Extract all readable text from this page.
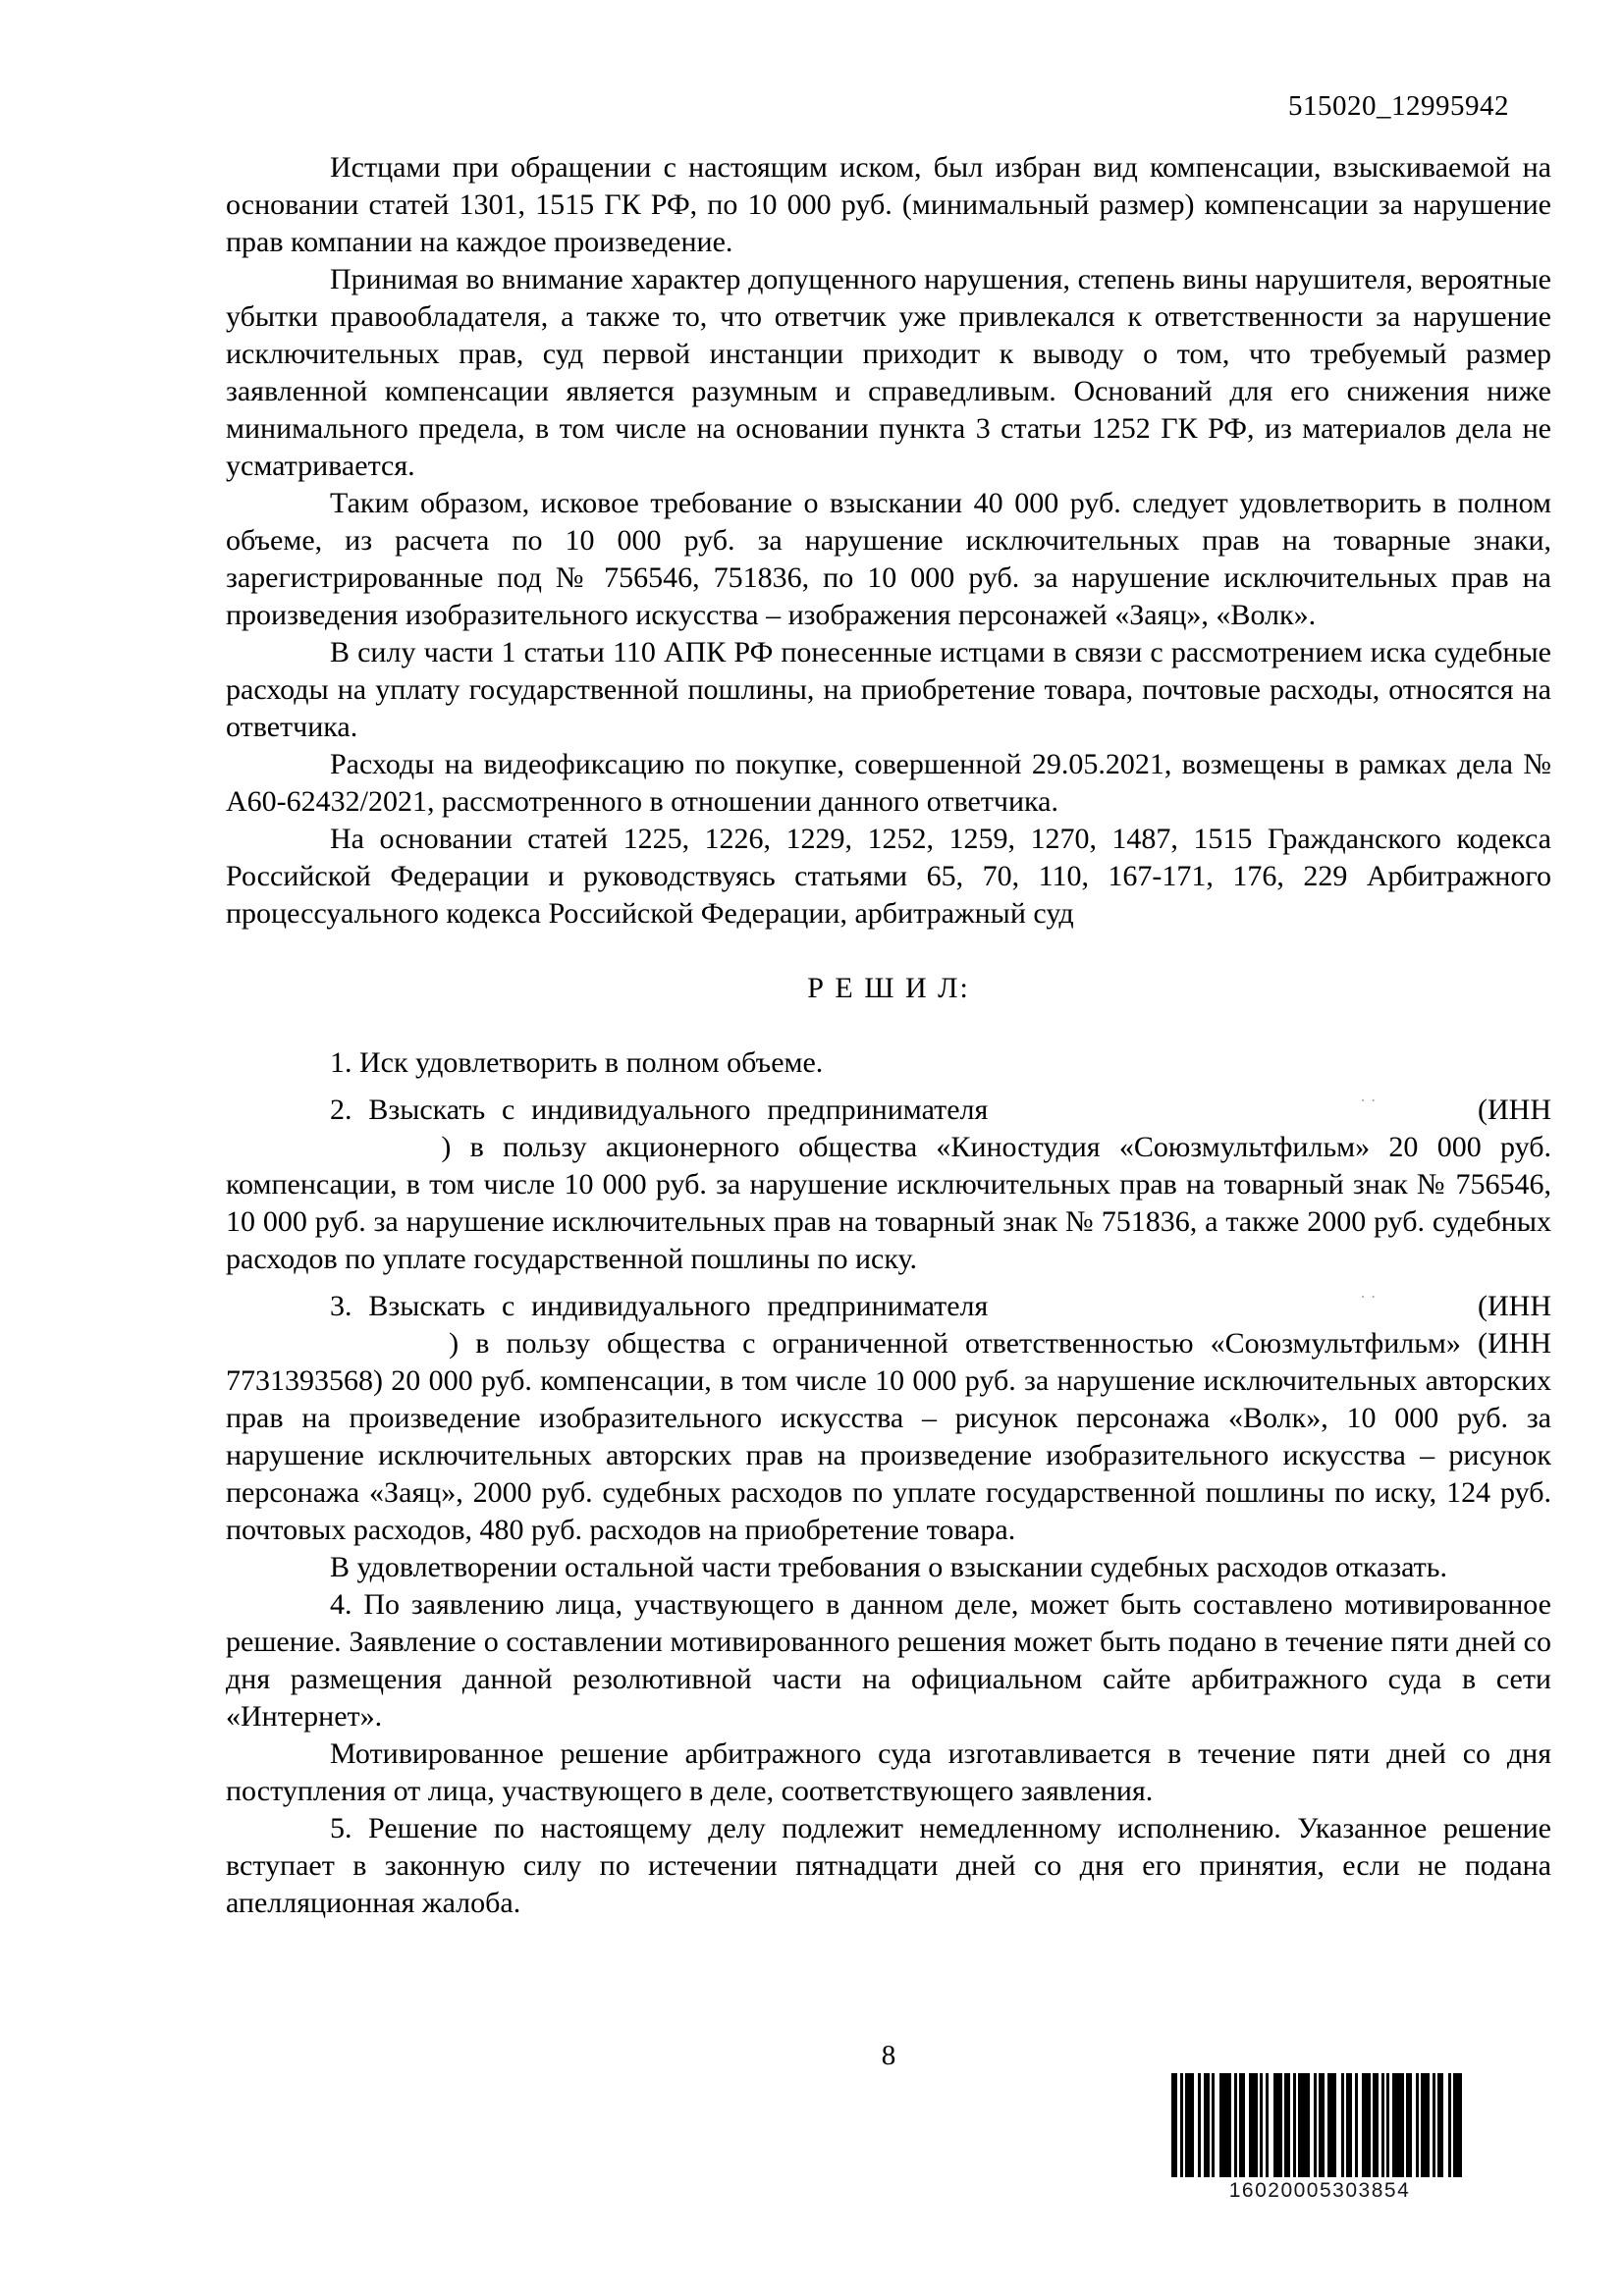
515020_12995942

Истцами при обращении с настоящим иском, был избран вид компенсации, взыскиваемой на основании статей 1301, 1515 ГК РФ, по 10 000 руб. (минимальный размер) компенсации за нарушение прав компании на каждое произведение.

Принимая во внимание характер допущенного нарушения, степень вины нарушителя, вероятные убытки правообладателя, а также то, что ответчик уже привлекался к ответственности за нарушение исключительных прав, суд первой инстанции приходит к выводу о том, что требуемый размер заявленной компенсации является разумным и справедливым. Оснований для его снижения ниже минимального предела, в том числе на основании пункта 3 статьи 1252 ГК РФ, из материалов дела не усматривается.

Таким образом, исковое требование о взыскании 40 000 руб. следует удовлетворить в полном объеме, из расчета по 10 000 руб. за нарушение исключительных прав на товарные знаки, зарегистрированные под № 756546, 751836, по 10 000 руб. за нарушение исключительных прав на произведения изобразительного искусства – изображения персонажей «Заяц», «Волк».

В силу части 1 статьи 110 АПК РФ понесенные истцами в связи с рассмотрением иска судебные расходы на уплату государственной пошлины, на приобретение товара, почтовые расходы, относятся на ответчика.

Расходы на видеофиксацию по покупке, совершенной 29.05.2021, возмещены в рамках дела № А60-62432/2021, рассмотренного в отношении данного ответчика.

На основании статей 1225, 1226, 1229, 1252, 1259, 1270, 1487, 1515 Гражданского кодекса Российской Федерации и руководствуясь статьями 65, 70, 110, 167-171, 176, 229 Арбитражного процессуального кодекса Российской Федерации, арбитражный суд

Р Е Ш И Л:

1. Иск удовлетворить в полном объеме.

2. Взыскать с индивидуального предпринимателя	· ·	(ИНН  ) в пользу акционерного общества «Киностудия «Союзмультфильм» 20 000 руб. компенсации, в том числе 10 000 руб. за нарушение исключительных прав на товарный знак № 756546, 10 000 руб. за нарушение исключительных прав на товарный знак № 751836, а также 2000 руб. судебных расходов по уплате государственной пошлины по иску.

3. Взыскать с индивидуального предпринимателя	· ·	(ИНН  ) в пользу общества с ограниченной ответственностью «Союзмультфильм» (ИНН 7731393568) 20 000 руб. компенсации, в том числе 10 000 руб. за нарушение исключительных авторских прав на произведение изобразительного искусства – рисунок персонажа «Волк», 10 000 руб. за нарушение исключительных авторских прав на произведение изобразительного искусства – рисунок персонажа «Заяц», 2000 руб. судебных расходов по уплате государственной пошлины по иску, 124 руб. почтовых расходов, 480 руб. расходов на приобретение товара.

В удовлетворении остальной части требования о взыскании судебных расходов отказать.

4. По заявлению лица, участвующего в данном деле, может быть составлено мотивированное решение. Заявление о составлении мотивированного решения может быть подано в течение пяти дней со дня размещения данной резолютивной части на официальном сайте арбитражного суда в сети «Интернет».

Мотивированное решение арбитражного суда изготавливается в течение пяти дней со дня поступления от лица, участвующего в деле, соответствующего заявления.

5. Решение по настоящему делу подлежит немедленному исполнению. Указанное решение вступает в законную силу по истечении пятнадцати дней со дня его принятия, если не подана апелляционная жалоба.

8
16020005303854
